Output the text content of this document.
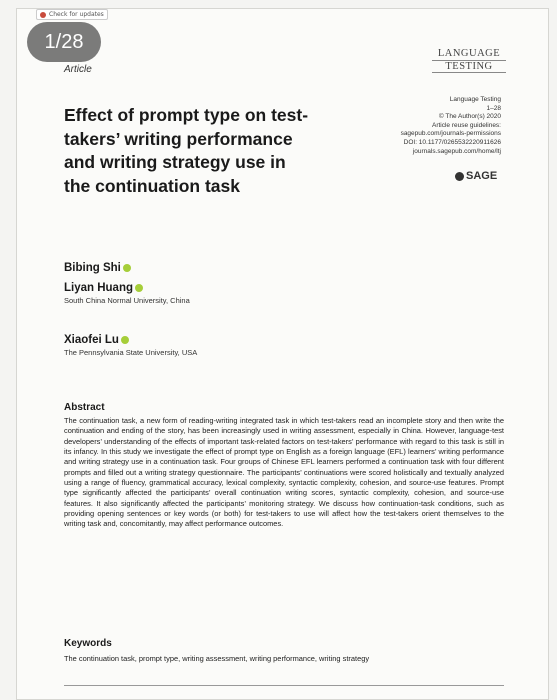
Check for updates
1/28
Article
LANGUAGE
TESTING
Language Testing
1–28
© The Author(s) 2020
Article reuse guidelines:
sagepub.com/journals-permissions
DOI: 10.1177/0265532220911626
journals.sagepub.com/home/ltj
SAGE
Effect of prompt type on test-takers’ writing performance and writing strategy use in the continuation task
Bibing Shi
Liyan Huang
South China Normal University, China
Xiaofei Lu
The Pennsylvania State University, USA
Abstract
The continuation task, a new form of reading-writing integrated task in which test-takers read an incomplete story and then write the continuation and ending of the story, has been increasingly used in writing assessment, especially in China. However, language-test developers’ understanding of the effects of important task-related factors on test-takers’ performance with regard to this task is still in its infancy. In this study we investigate the effect of prompt type on English as a foreign language (EFL) learners’ writing performance and writing strategy use in a continuation task. Four groups of Chinese EFL learners performed a continuation task with four different prompts and filled out a writing strategy questionnaire. The participants’ continuations were scored holistically and textually analyzed using a range of fluency, grammatical accuracy, lexical complexity, syntactic complexity, cohesion, and source-use features. Prompt type significantly affected the participants’ overall continuation writing scores, syntactic complexity, cohesion, and source-use features. It also significantly affected the participants’ monitoring strategy. We discuss how continuation-task conditions, such as providing opening sentences or key words (or both) for test-takers to use will affect how the test-takers orient themselves to the writing task and, concomitantly, may affect performance outcomes.
Keywords
The continuation task, prompt type, writing assessment, writing performance, writing strategy
